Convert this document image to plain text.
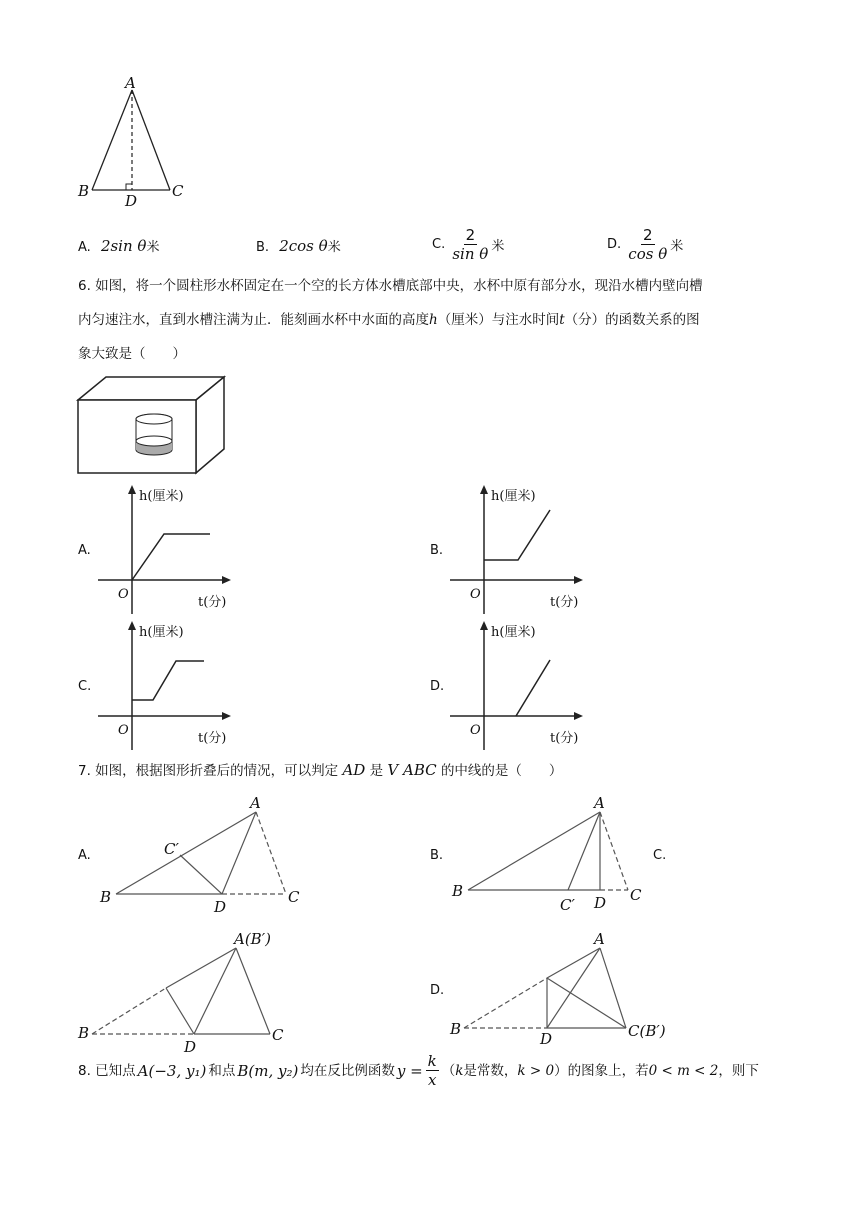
A
B	C
D
A. 2sin θ米	B. 2cos θ米	C. $\frac{2}{\text{sin θ}}$ 米	D. $\frac{2}{\text{cos θ}}$ 米
6. 如图，将一个圆柱形水杯固定在一个空的长方体水槽底部中央，水杯中原有部分水，现沿水槽内壁向槽
内匀速注水，直到水槽注满为止．能刻画水杯中水面的高度h（厘米）与注水时间t（分）的函数关系的图
象大致是（　　）
A.
h(厘米)
t(分)
O
B.
h(厘米)
t(分)
O
C.
h(厘米)
t(分)
O
D.
h(厘米)
t(分)
O
7. 如图，根据图形折叠后的情况，可以判定 AD 是 V ABC 的中线的是（　　）
A.
A
B	C
D
C′	B.
A
B	C
D
C′
C.
A(B′)
B	C
D
D.
A
B	C(B′)
D
8. 已知点 A(−3, y₁) 和点 B(m, y₂) 均在反比例函数 $y = \frac{k}{x}$ （ k 是常数， k > 0 ）的图象上，若 0 < m < 2 ，则下
